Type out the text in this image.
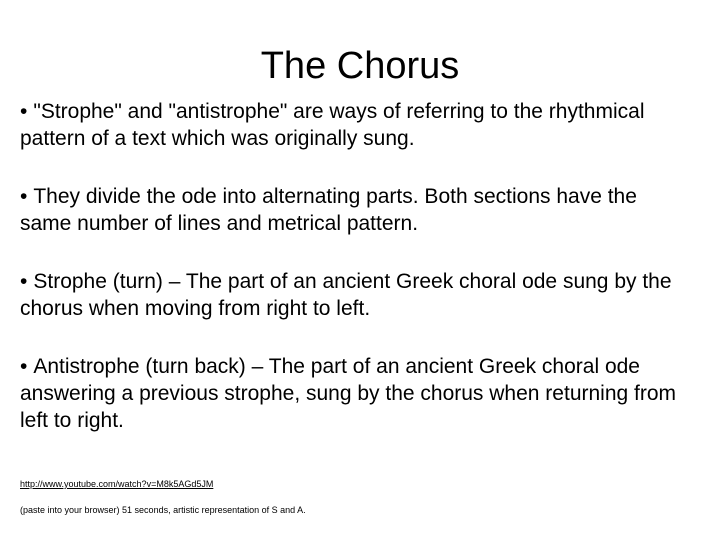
The Chorus
• "Strophe" and "antistrophe" are ways of referring to the rhythmical pattern of a text which was originally sung.
• They divide the ode into alternating parts. Both sections have the same number of lines and metrical pattern.
• Strophe (turn) – The part of an ancient Greek choral ode sung by the chorus when moving from right to left.
• Antistrophe (turn back) – The part of an ancient Greek choral ode answering a previous strophe, sung by the chorus when returning from left to right.
http://www.youtube.com/watch?v=M8k5AGd5JM
(paste into your browser) 51 seconds, artistic representation of S and A.
